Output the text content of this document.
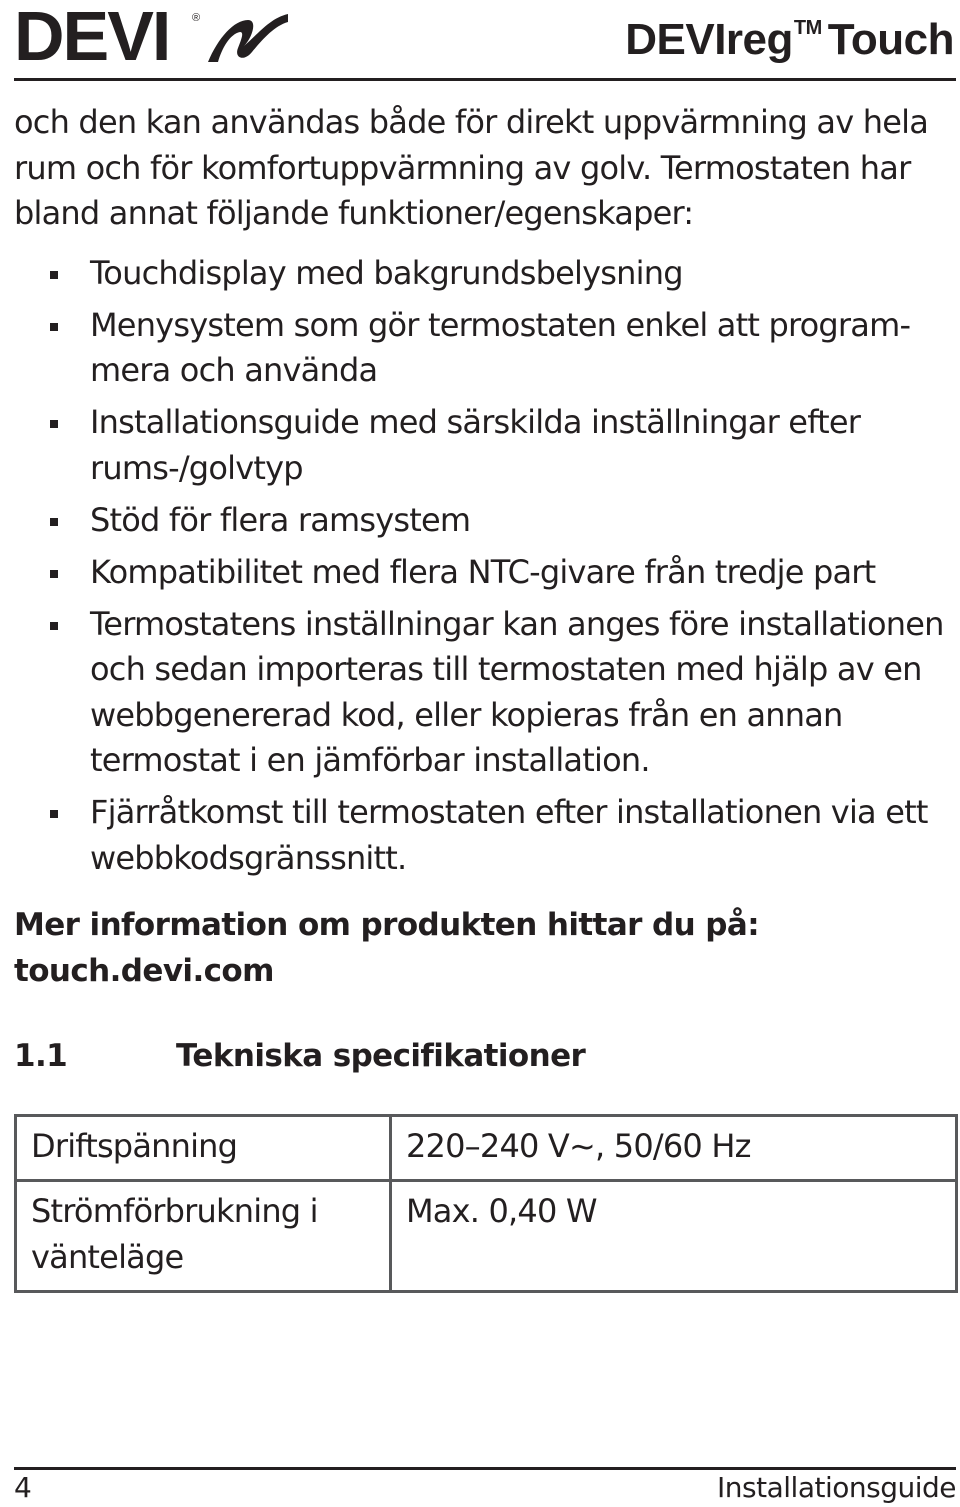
DEVI ®	DEVIreg™ Touch

och den kan användas både för direkt uppvärmning av hela rum och för komfortuppvärmning av golv. Termostaten har bland annat följande funktioner/egenskaper:

Touchdisplay med bakgrundsbelysning
Menysystem som gör termostaten enkel att programmera och använda
Installationsguide med särskilda inställningar efter rums-/golvtyp
Stöd för flera ramsystem
Kompatibilitet med flera NTC-givare från tredje part
Termostatens inställningar kan anges före installationen och sedan importeras till termostaten med hjälp av en webbgenererad kod, eller kopieras från en annan termostat i en jämförbar installation.
Fjärråtkomst till termostaten efter installationen via ett webbkodsgränssnitt.

Mer information om produkten hittar du på:
touch.devi.com

1.1	Tekniska specifikationer
Driftspänning	220–240 V~, 50/60 Hz
Strömförbrukning i vänteläge	Max. 0,40 W
4	Installationsguide
